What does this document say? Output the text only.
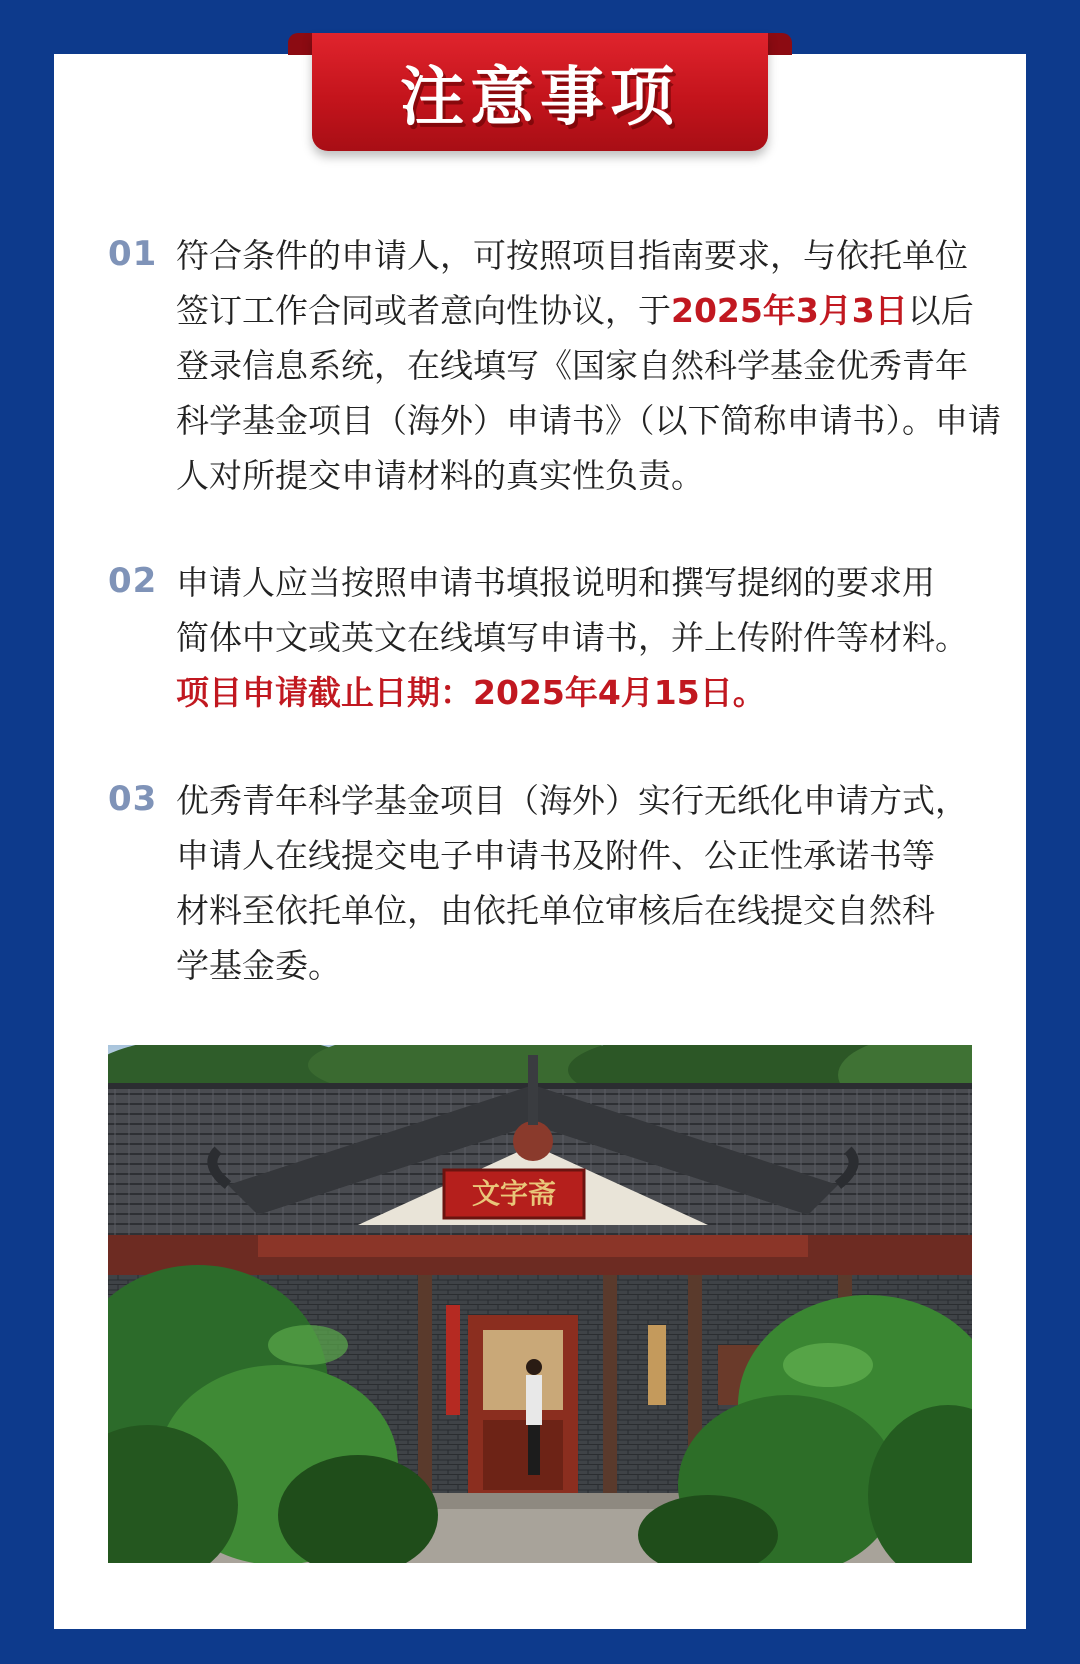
注意事项
01 符合条件的申请人，可按照项目指南要求，与依托单位
签订工作合同或者意向性协议，于2025年3月3日以后
登录信息系统，在线填写《国家自然科学基金优秀青年
科学基金项目（海外）申请书》（以下简称申请书）。申请
人对所提交申请材料的真实性负责。
02 申请人应当按照申请书填报说明和撰写提纲的要求用
简体中文或英文在线填写申请书，并上传附件等材料。
项目申请截止日期：2025年4月15日。
03 优秀青年科学基金项目（海外）实行无纸化申请方式，
申请人在线提交电子申请书及附件、公正性承诺书等
材料至依托单位，由依托单位审核后在线提交自然科
学基金委。
文字斋
